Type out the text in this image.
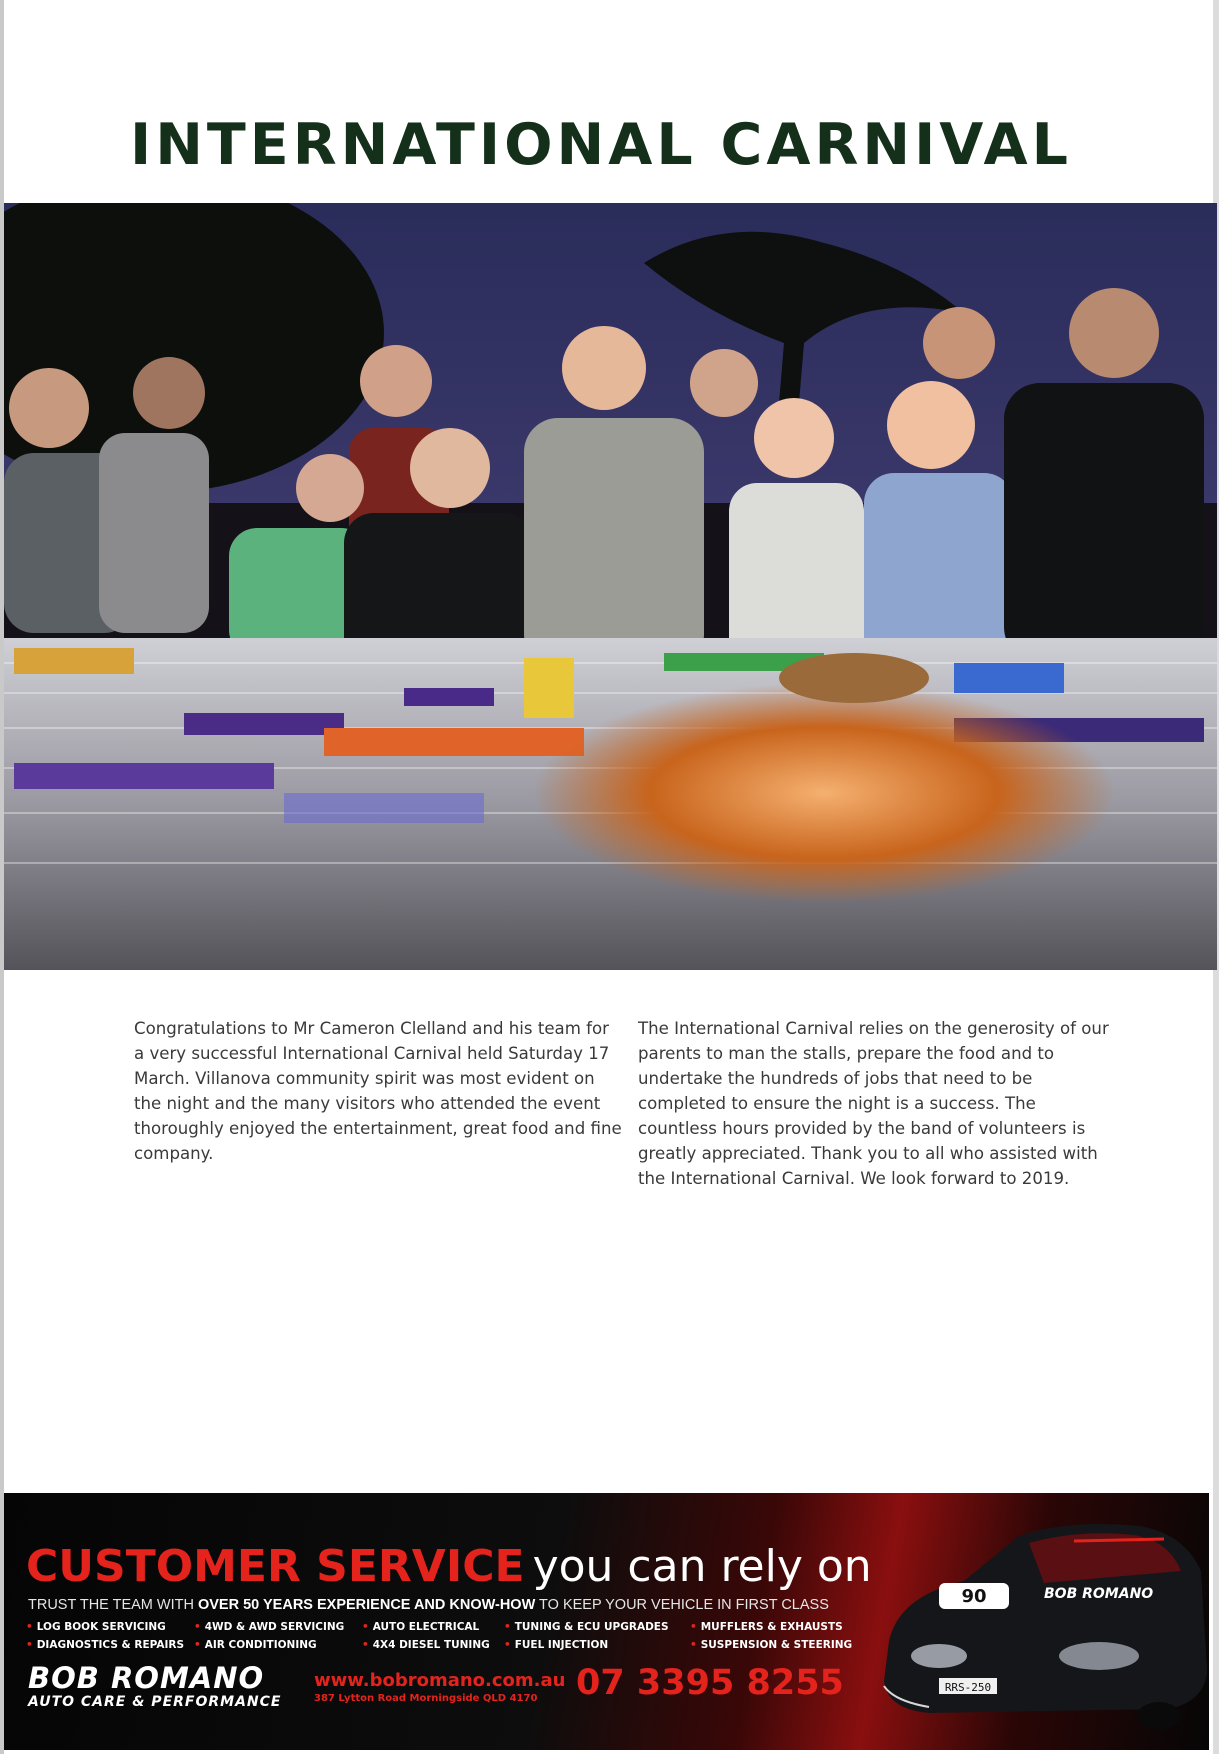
INTERNATIONAL CARNIVAL

Congratulations to Mr Cameron Clelland and his team for a very successful International Carnival held Saturday 17 March. Villanova community spirit was most evident on the night and the many visitors who attended the event thoroughly enjoyed the entertainment, great food and fine company.

The International Carnival relies on the generosity of our parents to man the stalls, prepare the food and to undertake the hundreds of jobs that need to be completed to ensure the night is a success. The countless hours provided by the band of volunteers is greatly appreciated. Thank you to all who assisted with the International Carnival. We look forward to 2019.

90	BOB ROMANO
RRS-250
CUSTOMER SERVICE you can rely on
TRUST THE TEAM WITH OVER 50 YEARS EXPERIENCE AND KNOW-HOW TO KEEP YOUR VEHICLE IN FIRST CLASS
• LOG BOOK SERVICING	• 4WD & AWD SERVICING • AUTO ELECTRICAL • TUNING & ECU UPGRADES • MUFFLERS & EXHAUSTS
• DIAGNOSTICS & REPAIRS • AIR CONDITIONING	• 4X4 DIESEL TUNING • FUEL INJECTION	• SUSPENSION & STEERING
BOB ROMANO
AUTO CARE & PERFORMANCE
www.bobromano.com.au
387 Lytton Road Morningside QLD 4170	07 3395 8255
